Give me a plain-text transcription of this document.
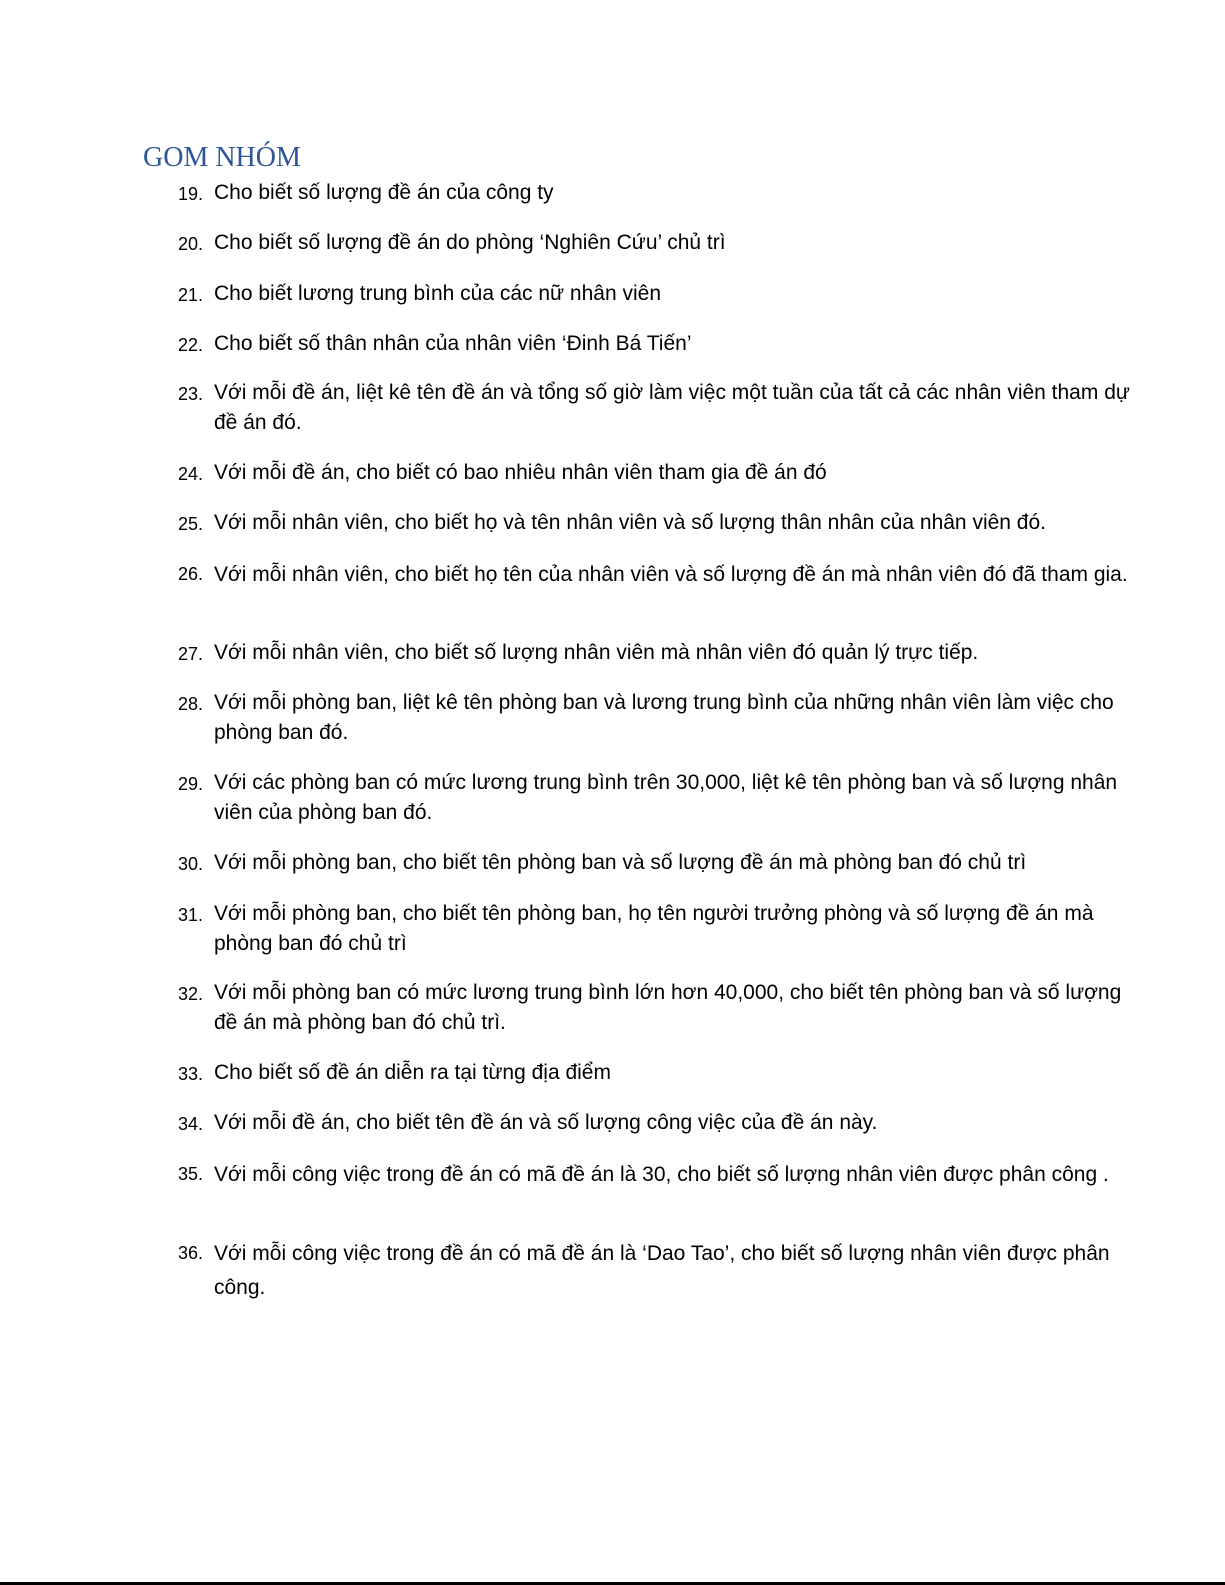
GOM NHÓM
19. Cho biết số lượng đề án của công ty
20. Cho biết số lượng đề án do phòng ‘Nghiên Cứu’ chủ trì
21. Cho biết lương trung bình của các nữ nhân viên
22. Cho biết số thân nhân của nhân viên ‘Đinh Bá Tiến’
23. Với mỗi đề án, liệt kê tên đề án và tổng số giờ làm việc một tuần của tất cả các nhân viên tham dự đề án đó.
24. Với mỗi đề án, cho biết có bao nhiêu nhân viên tham gia đề án đó
25. Với mỗi nhân viên, cho biết họ và tên nhân viên và số lượng thân nhân của nhân viên đó.
26. Với mỗi nhân viên, cho biết họ tên của nhân viên và số lượng đề án mà nhân viên đó đã tham gia.
27. Với mỗi nhân viên, cho biết số lượng nhân viên mà nhân viên đó quản lý trực tiếp.
28. Với mỗi phòng ban, liệt kê tên phòng ban và lương trung bình của những nhân viên làm việc cho phòng ban đó.
29. Với các phòng ban có mức lương trung bình trên 30,000, liệt kê tên phòng ban và số lượng nhân viên của phòng ban đó.
30. Với mỗi phòng ban, cho biết tên phòng ban và số lượng đề án mà phòng ban đó chủ trì
31. Với mỗi phòng ban, cho biết tên phòng ban, họ tên người trưởng phòng và số lượng đề án mà phòng ban đó chủ trì
32. Với mỗi phòng ban có mức lương trung bình lớn hơn 40,000, cho biết tên phòng ban và số lượng đề án mà phòng ban đó chủ trì.
33. Cho biết số đề án diễn ra tại từng địa điểm
34. Với mỗi đề án, cho biết tên đề án và số lượng công việc của đề án này.
35. Với mỗi công việc trong đề án có mã đề án là 30, cho biết số lượng nhân viên được phân công .
36. Với mỗi công việc trong đề án có mã đề án là ‘Dao Tao’, cho biết số lượng nhân viên được phân công.
